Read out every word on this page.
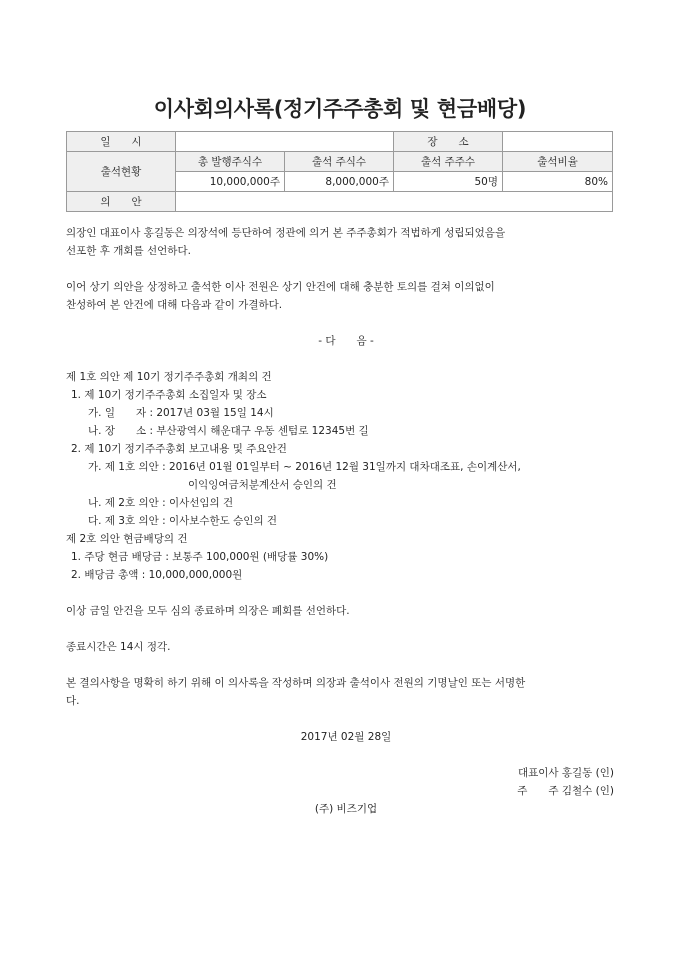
이사회의사록(정기주주총회 및 현금배당)
일　　시			장　　소	
출석현황	총 발행주식수	출석 주식수	출석 주주수	출석비율
	10,000,000주	8,000,000주	50명	80%
의　　안				

의장인 대표이사 홍길동은 의장석에 등단하여 정관에 의거 본 주주총회가 적법하게 성립되었음을

선포한 후 개회를 선언하다.

이어 상기 의안을 상정하고 출석한 이사 전원은 상기 안건에 대해 충분한 토의를 걸쳐 이의없이

찬성하여 본 안건에 대해 다음과 같이 가결하다.

- 다　　음 -

제 1호 의안 제 10기 정기주주총회 개최의 건

1. 제 10기 정기주주총회 소집일자 및 장소

가. 일　　자 : 2017년 03월 15일 14시

나. 장　　소 : 부산광역시 해운대구 우동 센텀로 12345번 길

2. 제 10기 정기주주총회 보고내용 및 주요안건

가. 제 1호 의안 : 2016년 01월 01일부터 ~ 2016년 12월 31일까지 대차대조표, 손이계산서,

이익잉여금처분계산서 승인의 건

나. 제 2호 의안 : 이사선임의 건

다. 제 3호 의안 : 이사보수한도 승인의 건

제 2호 의안 현금배당의 건

1. 주당 현금 배당금 : 보통주 100,000원 (배당률 30%)

2. 배당금 총액 : 10,000,000,000원

이상 금일 안건을 모두 심의 종료하며 의장은 폐회를 선언하다.

종료시간은 14시 정각.

본 결의사항을 명확히 하기 위해 이 의사록을 작성하며 의장과 출석이사 전원의 기명날인 또는 서명한

다.

2017년 02월 28일

대표이사 홍길동 (인)

주　　주 김철수 (인)

(주) 비즈기업
